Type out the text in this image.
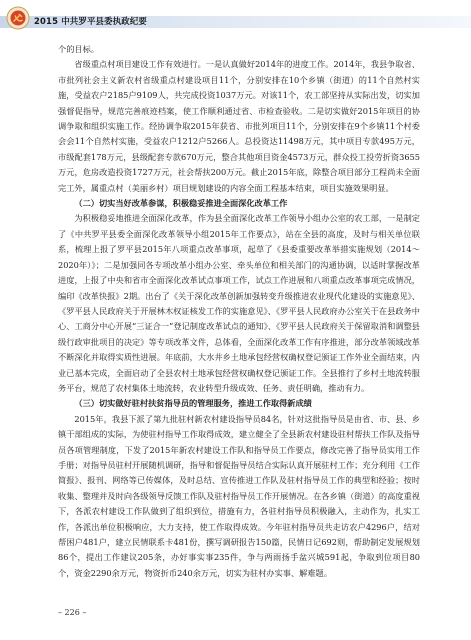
2015 中共罗平县委执政纪要

个的目标。

省级重点村项目建设工作有效进行。一是认真做好2014年的进度工作。2014年，我县争取省、市批列社会主义新农村省级重点村建设项目11个，分别安排在10个乡镇（街道）的11个自然村实施，受益农户2185户9109人，共完成投资1037万元。对该11个，农工部坚持从实际出发，切实加强督促指导，规范完善痕迹档案，使工作顺利通过省、市检查验收。二是切实做好2015年项目的协调争取和组织实施工作。经协调争取2015年获省、市批列项目11个，分别安排在9个乡镇11个村委会会11个自然村实施，受益农户1212户5266人。总投资达11498万元，其中项目专款495万元，市级配套178万元，县级配套专款670万元，整合其他项目资金4573万元，群众投工投劳折资3655万元，危房改造投资1727万元，社会帮扶200万元。截止2015年底，除整合项目部分工程尚未全面完工外，属重点村（美丽乡村）项目规划建设的内容全面工程基本结束，项目实施效果明显。

（二）切实当好改革参谋，积极稳妥推进全面深化改革工作

为积极稳妥地推进全面深化改革，作为县全面深化改革工作领导小组办公室的农工部，一是制定了《中共罗平县委全面深化改革领导小组2015年工作要点》，站在全县的高度，及时与相关单位联系，梳理上报了罗平县2015年八项重点改革事项，起草了《县委重要改革举措实施规划（2014～2020年）》；二是加强同各专项改革小组办公室、牵头单位和相关部门的沟通协调，以适时掌握改革进度，上报了中央和省市全面深化改革试点事项工作，试点工作进展和八项重点改革事项完成情况，编印《改革快报》2期。出台了《关于深化改革创新加强转变升级推进农业现代化建设的实施意见》、《罗平县人民政府关于开展林木权证核发工作的实施意见》、《罗平县人民政府办公室关于在县政务中心、工商分中心开展“三证合一”登记制度改革试点的通知》、《罗平县人民政府关于保留取消和调整县级行政审批项目的决定》等专项改革文件，总体看，全面深化改革工作有序推进，部分改革领域改革不断深化并取得实质性进展。年底前，大水井乡土地承包经营权确权登记颁证工作外业全面结束，内业已基本完成，全面启动了全县农村土地承包经营权确权登记颁证工作。全县推行了乡村土地流转服务平台，规范了农村集体土地流转，农业转型升级成效、任务、责任明确，推动有力。

（三）切实做好驻村扶贫指导员的管理服务，推进工作取得新成绩

2015年，我县下派了第九批驻村新农村建设指导员84名，针对这批指导员是由省、市、县、乡镇干部组成的实际，为使驻村指导工作取得成效，建立健全了全县新农村建设驻村帮扶工作队及指导员各项管理制度，下发了2015年新农村建设工作队和指导员工作要点，修改完善了指导员实用工作手册；对指导员驻村开展随机调研，指导和督促指导员结合实际认真开展驻村工作；充分利用《工作简报》、报刊、网络等已传媒体，及时总结、宣传推进工作队及驻村指导员工作的典型和经验；按时收集、整理并及时向各级领导反馈工作队及驻村指导员工作开展情况。在各乡镇（街道）的高度重视下，各派农村建设工作队做到了组织到位，措施有力，各驻村指导员积极融入，主动作为，扎实工作，各派出单位积极响应，大力支持，使工作取得成效。今年驻村指导员共走访农户4296户，结对帮困户481户，建立民情联系卡481份，撰写调研报告150篇，民情日记692则，帮助制定发展规划86个，提出工作建议205条，办好事实事235件，争与两雨扬手盆兴城591起，争取到位项目80个，资金2290余万元，物资折币240余万元，切实为驻村办实事、解难题。

– 226 –
